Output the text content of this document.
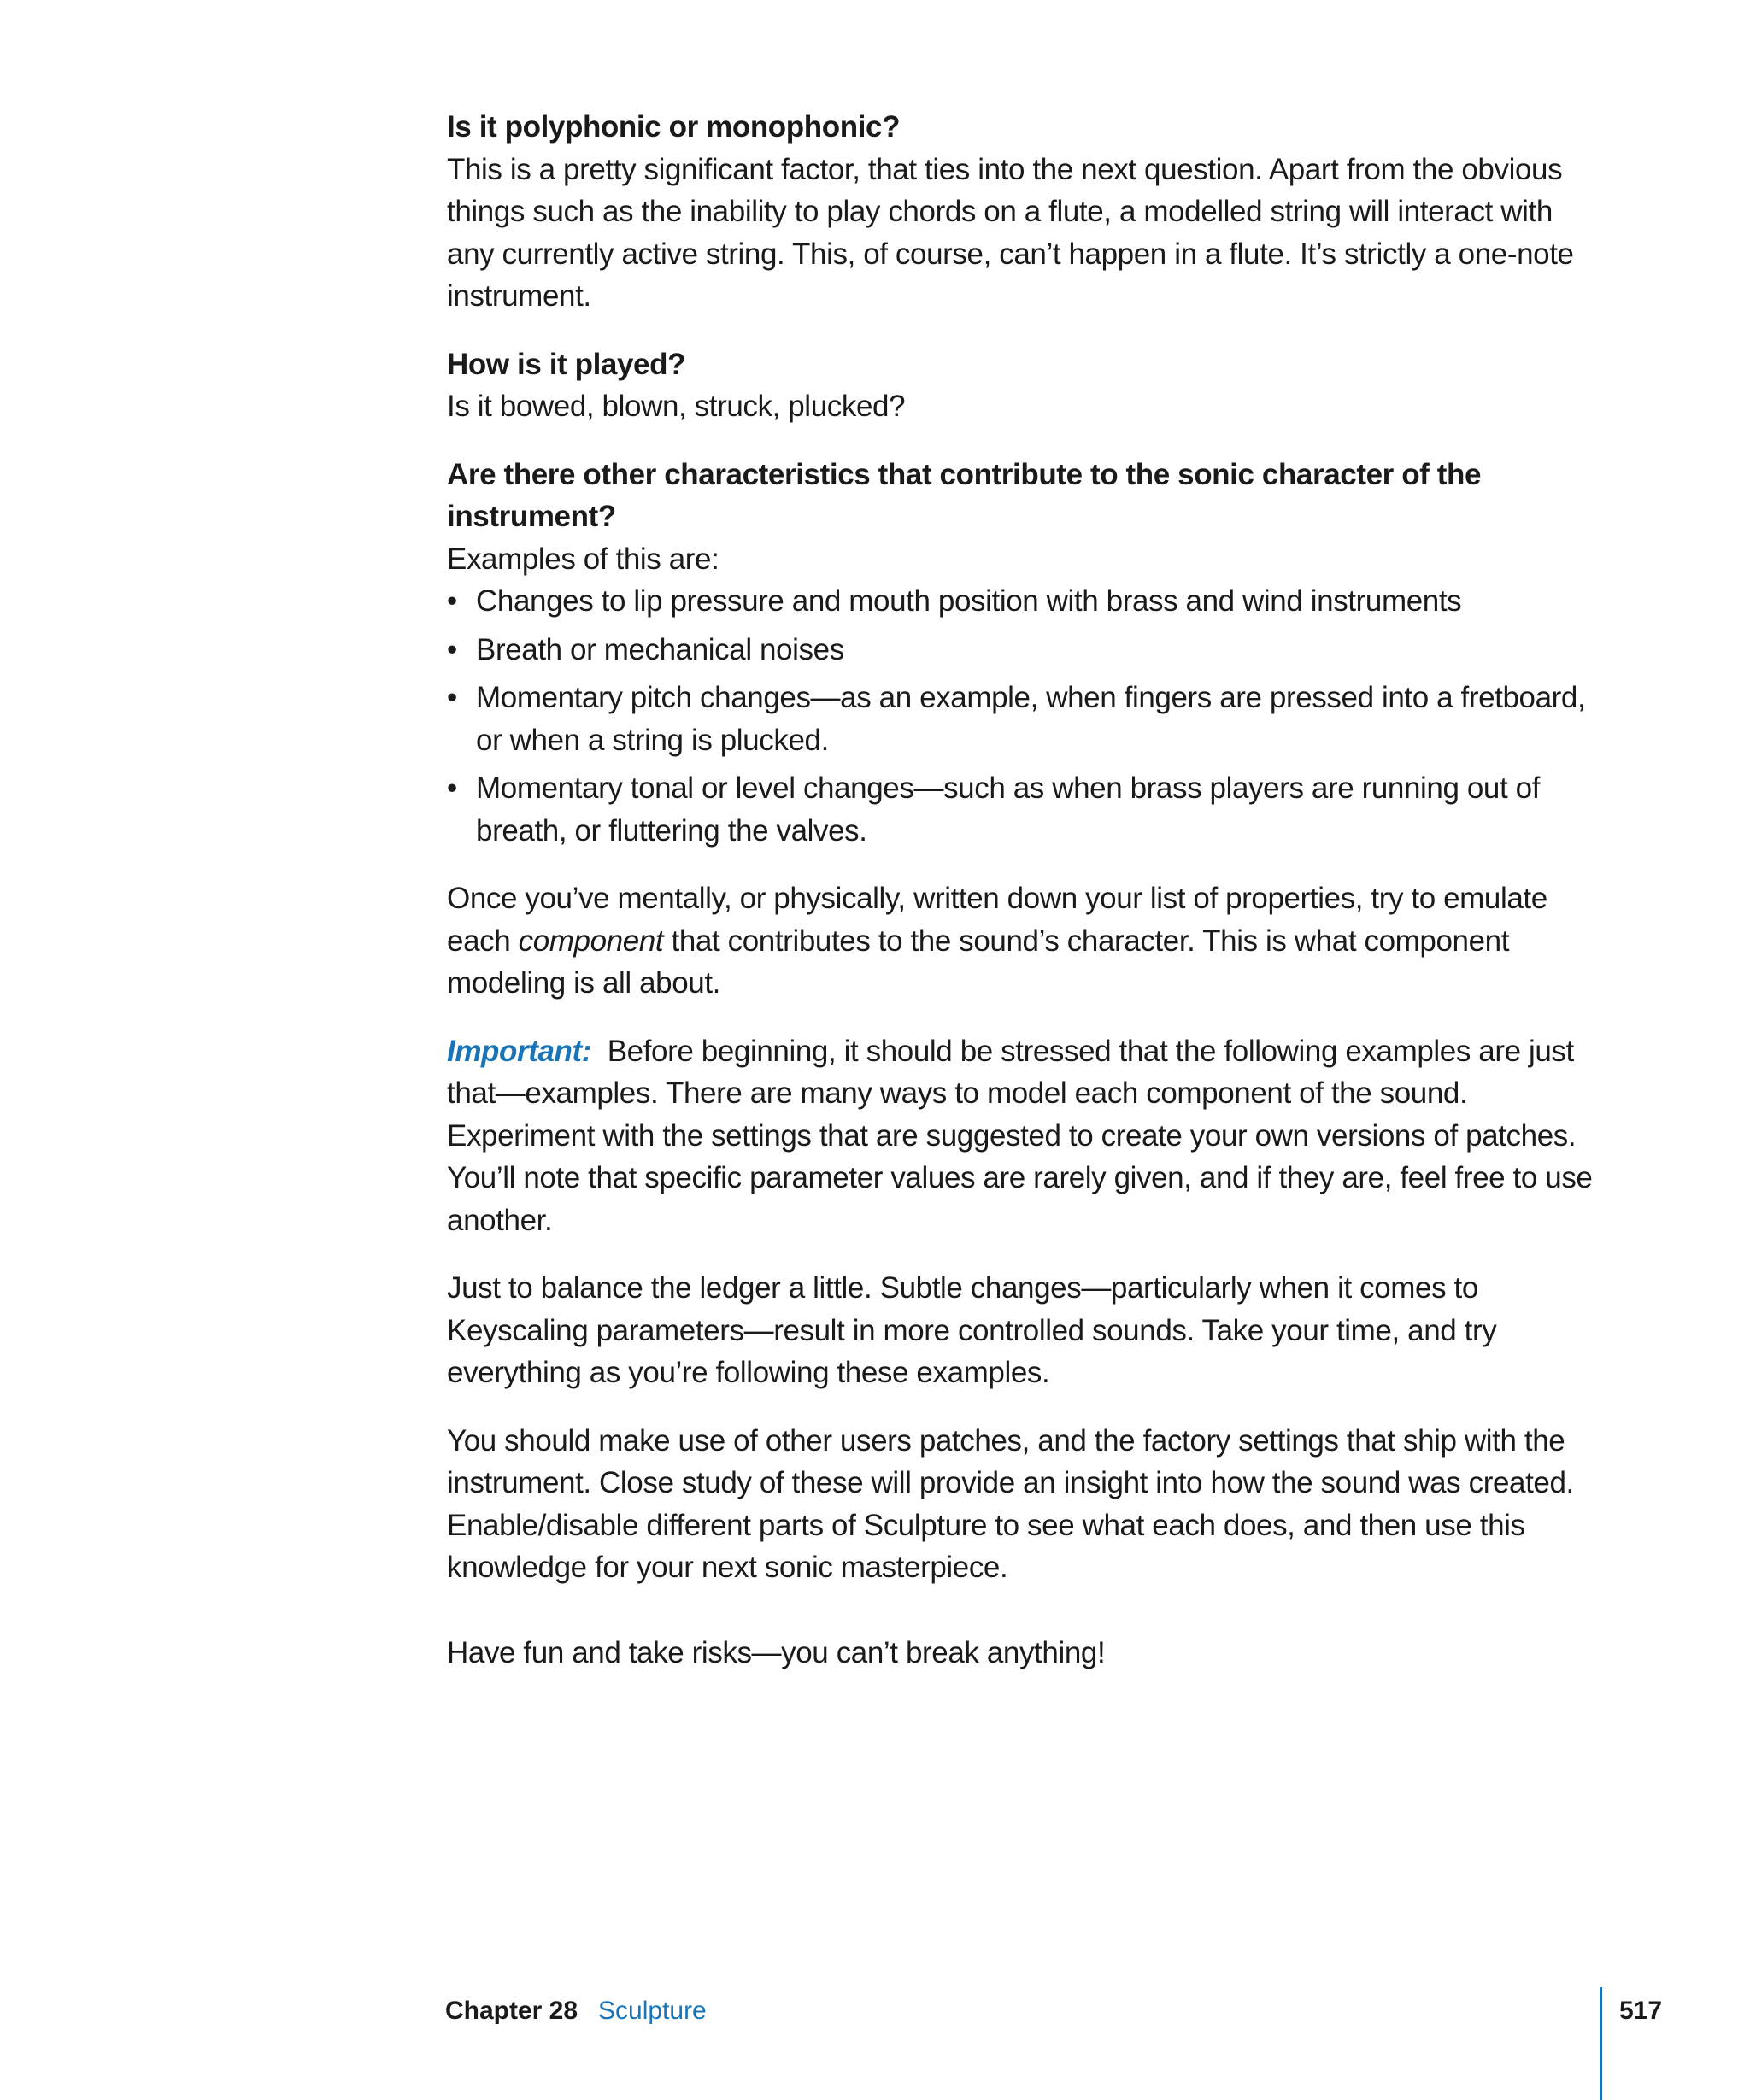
Is it polyphonic or monophonic?

This is a pretty significant factor, that ties into the next question. Apart from the obvious things such as the inability to play chords on a flute, a modelled string will interact with any currently active string. This, of course, can’t happen in a flute. It’s strictly a one-note instrument.

How is it played?

Is it bowed, blown, struck, plucked?

Are there other characteristics that contribute to the sonic character of the instrument?

Examples of this are:

• Changes to lip pressure and mouth position with brass and wind instruments
• Breath or mechanical noises
• Momentary pitch changes—as an example, when fingers are pressed into a fretboard, or when a string is plucked.
• Momentary tonal or level changes—such as when brass players are running out of breath, or fluttering the valves.

Once you’ve mentally, or physically, written down your list of properties, try to emulate each component that contributes to the sound’s character. This is what component modeling is all about.

Important: Before beginning, it should be stressed that the following examples are just that—examples. There are many ways to model each component of the sound. Experiment with the settings that are suggested to create your own versions of patches. You’ll note that specific parameter values are rarely given, and if they are, feel free to use another.

Just to balance the ledger a little. Subtle changes—particularly when it comes to Keyscaling parameters—result in more controlled sounds. Take your time, and try everything as you’re following these examples.

You should make use of other users patches, and the factory settings that ship with the instrument. Close study of these will provide an insight into how the sound was created. Enable/disable different parts of Sculpture to see what each does, and then use this knowledge for your next sonic masterpiece.

Have fun and take risks—you can’t break anything!

Chapter 28 Sculpture	517
